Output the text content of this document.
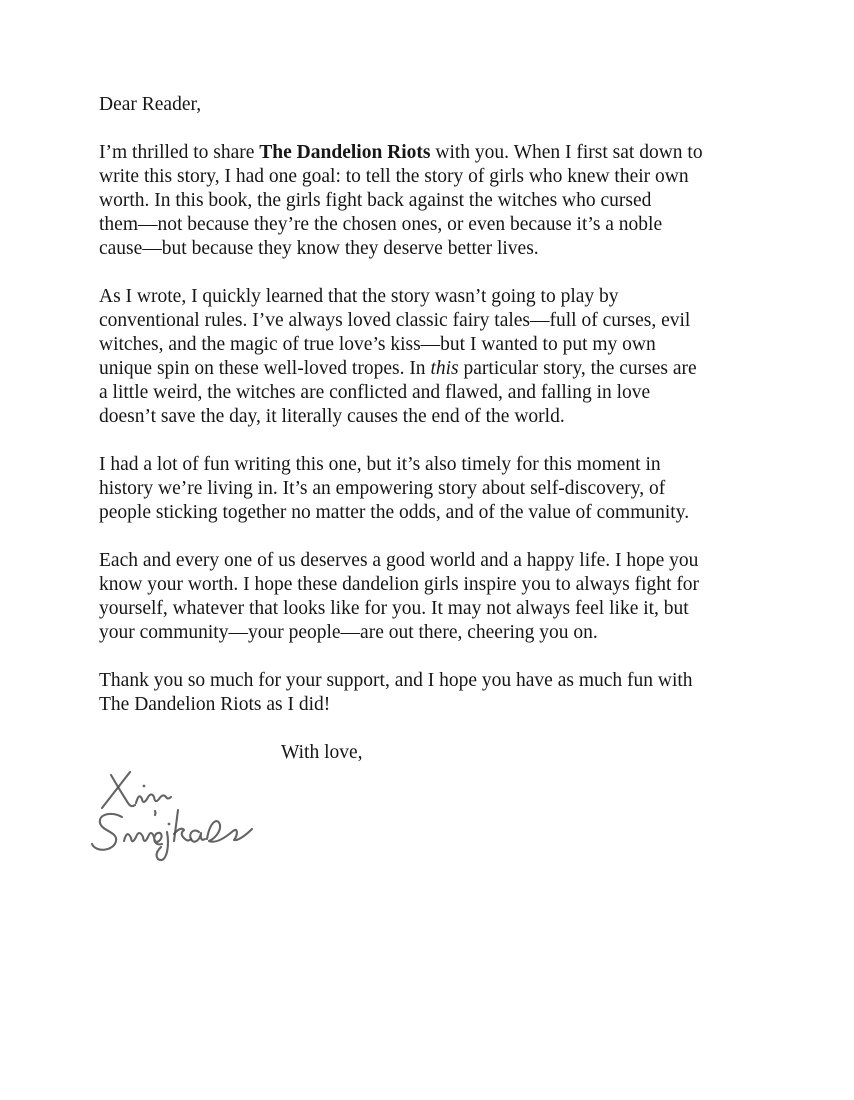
Dear Reader,

I’m thrilled to share The Dandelion Riots with you. When I first sat down to
write this story, I had one goal: to tell the story of girls who knew their own
worth. In this book, the girls fight back against the witches who cursed
them—not because they’re the chosen ones, or even because it’s a noble
cause—but because they know they deserve better lives.
As I wrote, I quickly learned that the story wasn’t going to play by
conventional rules. I’ve always loved classic fairy tales—full of curses, evil
witches, and the magic of true love’s kiss—but I wanted to put my own
unique spin on these well-loved tropes. In this particular story, the curses are
a little weird, the witches are conflicted and flawed, and falling in love
doesn’t save the day, it literally causes the end of the world.
I had a lot of fun writing this one, but it’s also timely for this moment in
history we’re living in. It’s an empowering story about self-discovery, of
people sticking together no matter the odds, and of the value of community.
Each and every one of us deserves a good world and a happy life. I hope you
know your worth. I hope these dandelion girls inspire you to always fight for
yourself, whatever that looks like for you. It may not always feel like it, but
your community—your people—are out there, cheering you on.
Thank you so much for your support, and I hope you have as much fun with
The Dandelion Riots as I did!

With love,
